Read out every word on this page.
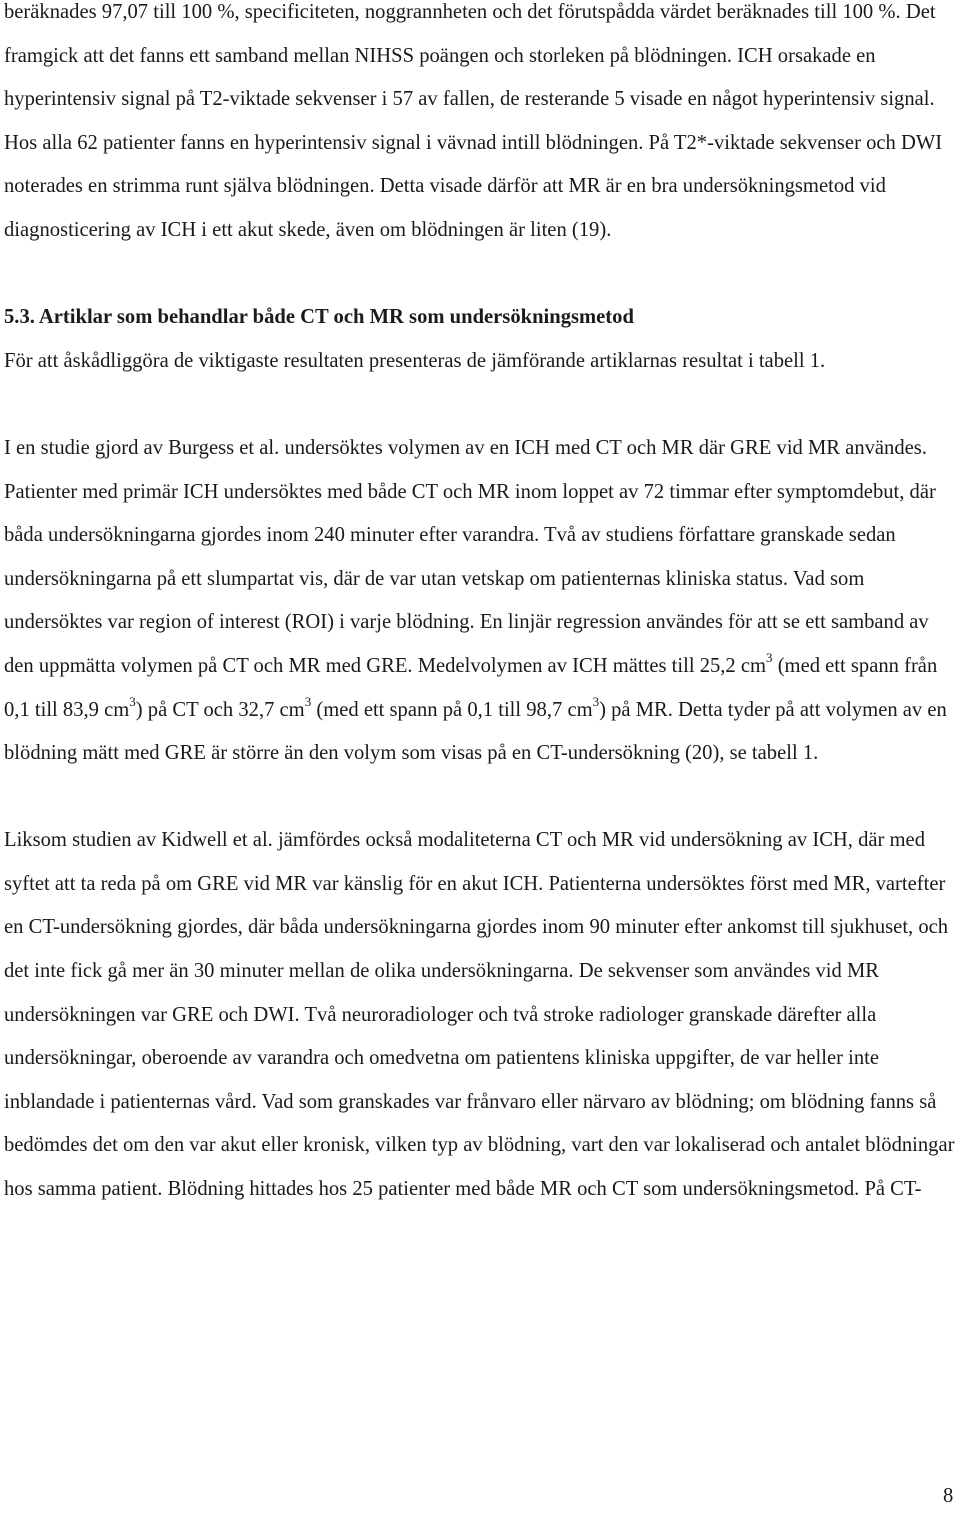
beräknades 97,07 till 100 %, specificiteten, noggrannheten och det förutspådda värdet beräknades till 100 %. Det framgick att det fanns ett samband mellan NIHSS poängen och storleken på blödningen. ICH orsakade en hyperintensiv signal på T2-viktade sekvenser i 57 av fallen, de resterande 5 visade en något hyperintensiv signal. Hos alla 62 patienter fanns en hyperintensiv signal i vävnad intill blödningen. På T2*-viktade sekvenser och DWI noterades en strimma runt själva blödningen. Detta visade därför att MR är en bra undersökningsmetod vid diagnosticering av ICH i ett akut skede, även om blödningen är liten (19).

5.3. Artiklar som behandlar både CT och MR som undersökningsmetod

För att åskådliggöra de viktigaste resultaten presenteras de jämförande artiklarnas resultat i tabell 1.

I en studie gjord av Burgess et al. undersöktes volymen av en ICH med CT och MR där GRE vid MR användes. Patienter med primär ICH undersöktes med både CT och MR inom loppet av 72 timmar efter symptomdebut, där båda undersökningarna gjordes inom 240 minuter efter varandra. Två av studiens författare granskade sedan undersökningarna på ett slumpartat vis, där de var utan vetskap om patienternas kliniska status. Vad som undersöktes var region of interest (ROI) i varje blödning. En linjär regression användes för att se ett samband av den uppmätta volymen på CT och MR med GRE. Medelvolymen av ICH mättes till 25,2 $cm^3$ (med ett spann från 0,1 till 83,9 $cm^3$) på CT och 32,7 $cm^3$ (med ett spann på 0,1 till 98,7 $cm^3$) på MR. Detta tyder på att volymen av en blödning mätt med GRE är större än den volym som visas på en CT-undersökning (20), se tabell 1.

Liksom studien av Kidwell et al. jämfördes också modaliteterna CT och MR vid undersökning av ICH, där med syftet att ta reda på om GRE vid MR var känslig för en akut ICH. Patienterna undersöktes först med MR, vartefter en CT-undersökning gjordes, där båda undersökningarna gjordes inom 90 minuter efter ankomst till sjukhuset, och det inte fick gå mer än 30 minuter mellan de olika undersökningarna. De sekvenser som användes vid MR undersökningen var GRE och DWI. Två neuroradiologer och två stroke radiologer granskade därefter alla undersökningar, oberoende av varandra och omedvetna om patientens kliniska uppgifter, de var heller inte inblandade i patienternas vård. Vad som granskades var frånvaro eller närvaro av blödning; om blödning fanns så bedömdes det om den var akut eller kronisk, vilken typ av blödning, vart den var lokaliserad och antalet blödningar hos samma patient. Blödning hittades hos 25 patienter med både MR och CT som undersökningsmetod. På CT-

8
